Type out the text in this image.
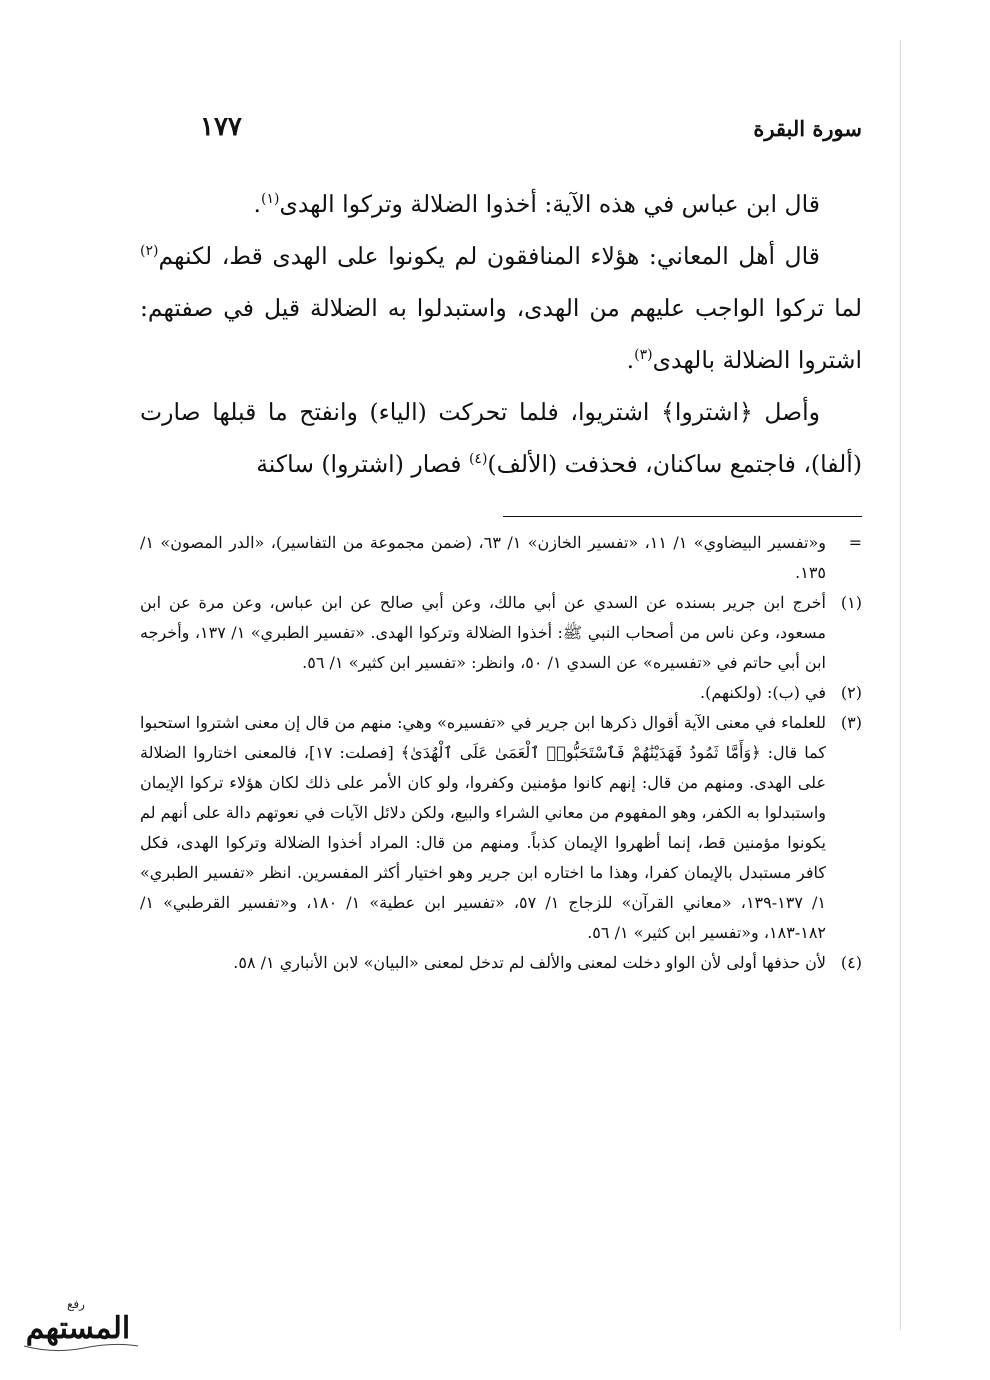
سورة البقرة
١٧٧

قال ابن عباس في هذه الآية: أخذوا الضلالة وتركوا الهدى$^{(١)}$.

قال أهل المعاني: هؤلاء المنافقون لم يكونوا على الهدى قط، لكنهم$^{(٢)}$ لما تركوا الواجب عليهم من الهدى، واستبدلوا به الضلالة قيل في صفتهم: اشتروا الضلالة بالهدى$^{(٣)}$.

وأصل ﴿اشتروا﴾ اشتريوا، فلما تحركت (الياء) وانفتح ما قبلها صارت (ألفا)، فاجتمع ساكنان، فحذفت (الألف)$^{(٤)}$ فصار (اشتروا) ساكنة

=
و«تفسير البيضاوي» ١/ ١١، «تفسير الخازن» ١/ ٦٣، (ضمن مجموعة من التفاسير)، «الدر المصون» ١/ ١٣٥.

(١)
أخرج ابن جرير بسنده عن السدي عن أبي مالك، وعن أبي صالح عن ابن عباس، وعن مرة عن ابن مسعود، وعن ناس من أصحاب النبي ﷺ: أخذوا الضلالة وتركوا الهدى. «تفسير الطبري» ١/ ١٣٧، وأخرجه ابن أبي حاتم في «تفسيره» عن السدي ١/ ٥٠، وانظر: «تفسير ابن كثير» ١/ ٥٦.

(٢)
في (ب): (ولكنهم).

(٣)
للعلماء في معنى الآية أقوال ذكرها ابن جرير في «تفسيره» وهي: منهم من قال إن معنى اشتروا استحبوا كما قال: ﴿وَأَمَّا ثَمُودُ فَهَدَيْنَٰهُمْ فَٱسْتَحَبُّوا۟ ٱلْعَمَىٰ عَلَى ٱلْهُدَىٰ﴾ [فصلت: ١٧]، فالمعنى اختاروا الضلالة على الهدى. ومنهم من قال: إنهم كانوا مؤمنين وكفروا، ولو كان الأمر على ذلك لكان هؤلاء تركوا الإيمان واستبدلوا به الكفر، وهو المفهوم من معاني الشراء والبيع، ولكن دلائل الآيات في نعوتهم دالة على أنهم لم يكونوا مؤمنين قط، إنما أظهروا الإيمان كذباً. ومنهم من قال: المراد أخذوا الضلالة وتركوا الهدى، فكل كافر مستبدل بالإيمان كفرا، وهذا ما اختاره ابن جرير وهو اختيار أكثر المفسرين. انظر «تفسير الطبري» ١/ ١٣٧-١٣٩، «معاني القرآن» للزجاج ١/ ٥٧، «تفسير ابن عطية» ١/ ١٨٠، و«تفسير القرطبي» ١/ ١٨٢-١٨٣، و«تفسير ابن كثير» ١/ ٥٦.

(٤)
لأن حذفها أولى لأن الواو دخلت لمعنى والألف لم تدخل لمعنى «البيان» لابن الأنباري ١/ ٥٨.

رفع
المستهم
